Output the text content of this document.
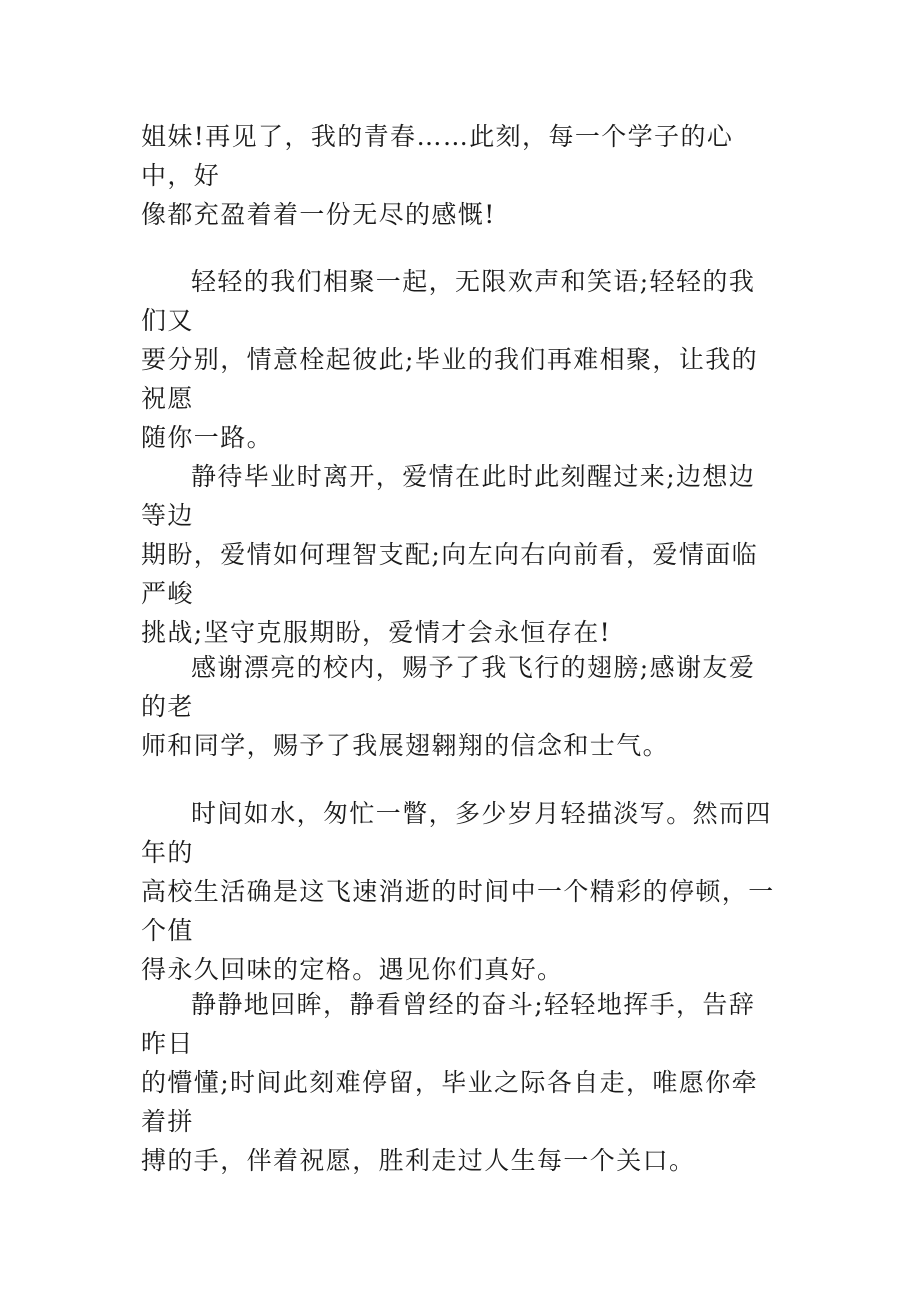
姐妹!再见了，我的青春……此刻，每一个学子的心中，好
像都充盈着着一份无尽的感慨!

轻轻的我们相聚一起，无限欢声和笑语;轻轻的我们又
要分别，情意栓起彼此;毕业的我们再难相聚，让我的祝愿
随你一路。

静待毕业时离开，爱情在此时此刻醒过来;边想边等边
期盼，爱情如何理智支配;向左向右向前看，爱情面临严峻
挑战;坚守克服期盼，爱情才会永恒存在!

感谢漂亮的校内，赐予了我飞行的翅膀;感谢友爱的老
师和同学，赐予了我展翅翱翔的信念和士气。

时间如水，匆忙一瞥，多少岁月轻描淡写。然而四年的
高校生活确是这飞速消逝的时间中一个精彩的停顿，一个值
得永久回味的定格。遇见你们真好。

静静地回眸，静看曾经的奋斗;轻轻地挥手，告辞昨日
的懵懂;时间此刻难停留，毕业之际各自走，唯愿你牵着拼
搏的手，伴着祝愿，胜利走过人生每一个关口。
